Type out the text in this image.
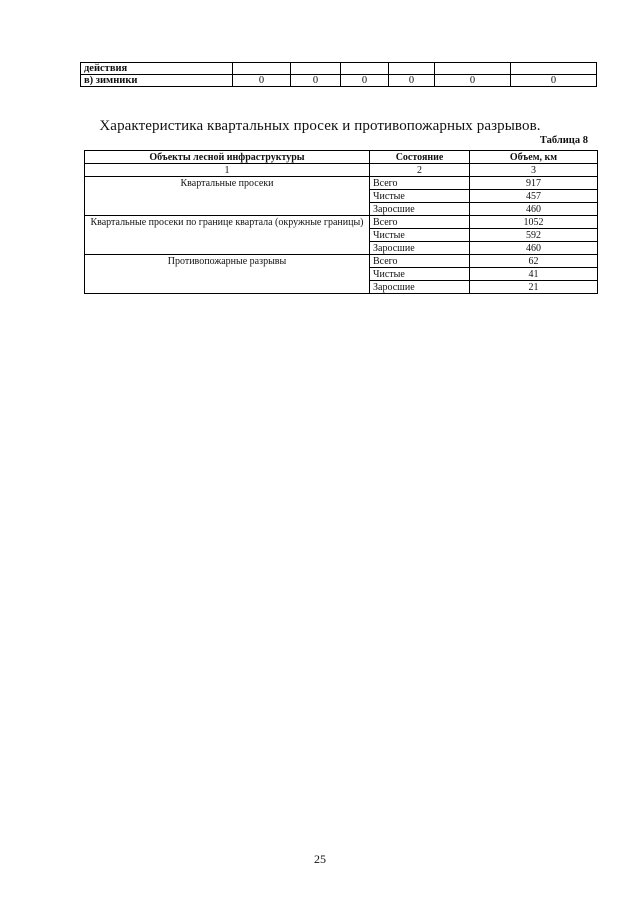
действия						
в) зимники	0	0	0	0	0	0
Характеристика квартальных просек и противопожарных разрывов.
Таблица 8
Объекты лесной инфраструктуры	Состояние	Объем, км
1	2	3
Квартальные просеки	Всего	917
	Чистые	457
	Заросшие	460
Квартальные просеки по границе квартала (окружные границы)	Всего	1052
	Чистые	592
	Заросшие	460
Противопожарные разрывы	Всего	62
	Чистые	41
	Заросшие	21
25
